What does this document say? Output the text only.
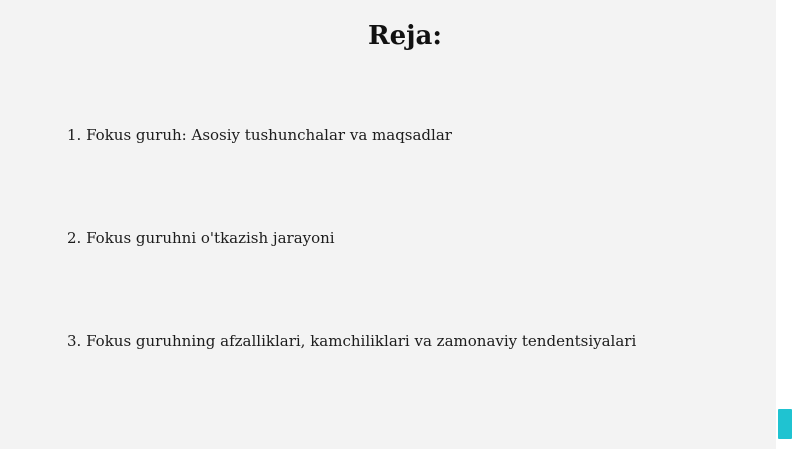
Reja:
1. Fokus guruh: Asosiy tushunchalar va maqsadlar
2. Fokus guruhni o'tkazish jarayoni
3. Fokus guruhning afzalliklari, kamchiliklari va zamonaviy tendentsiyalari
